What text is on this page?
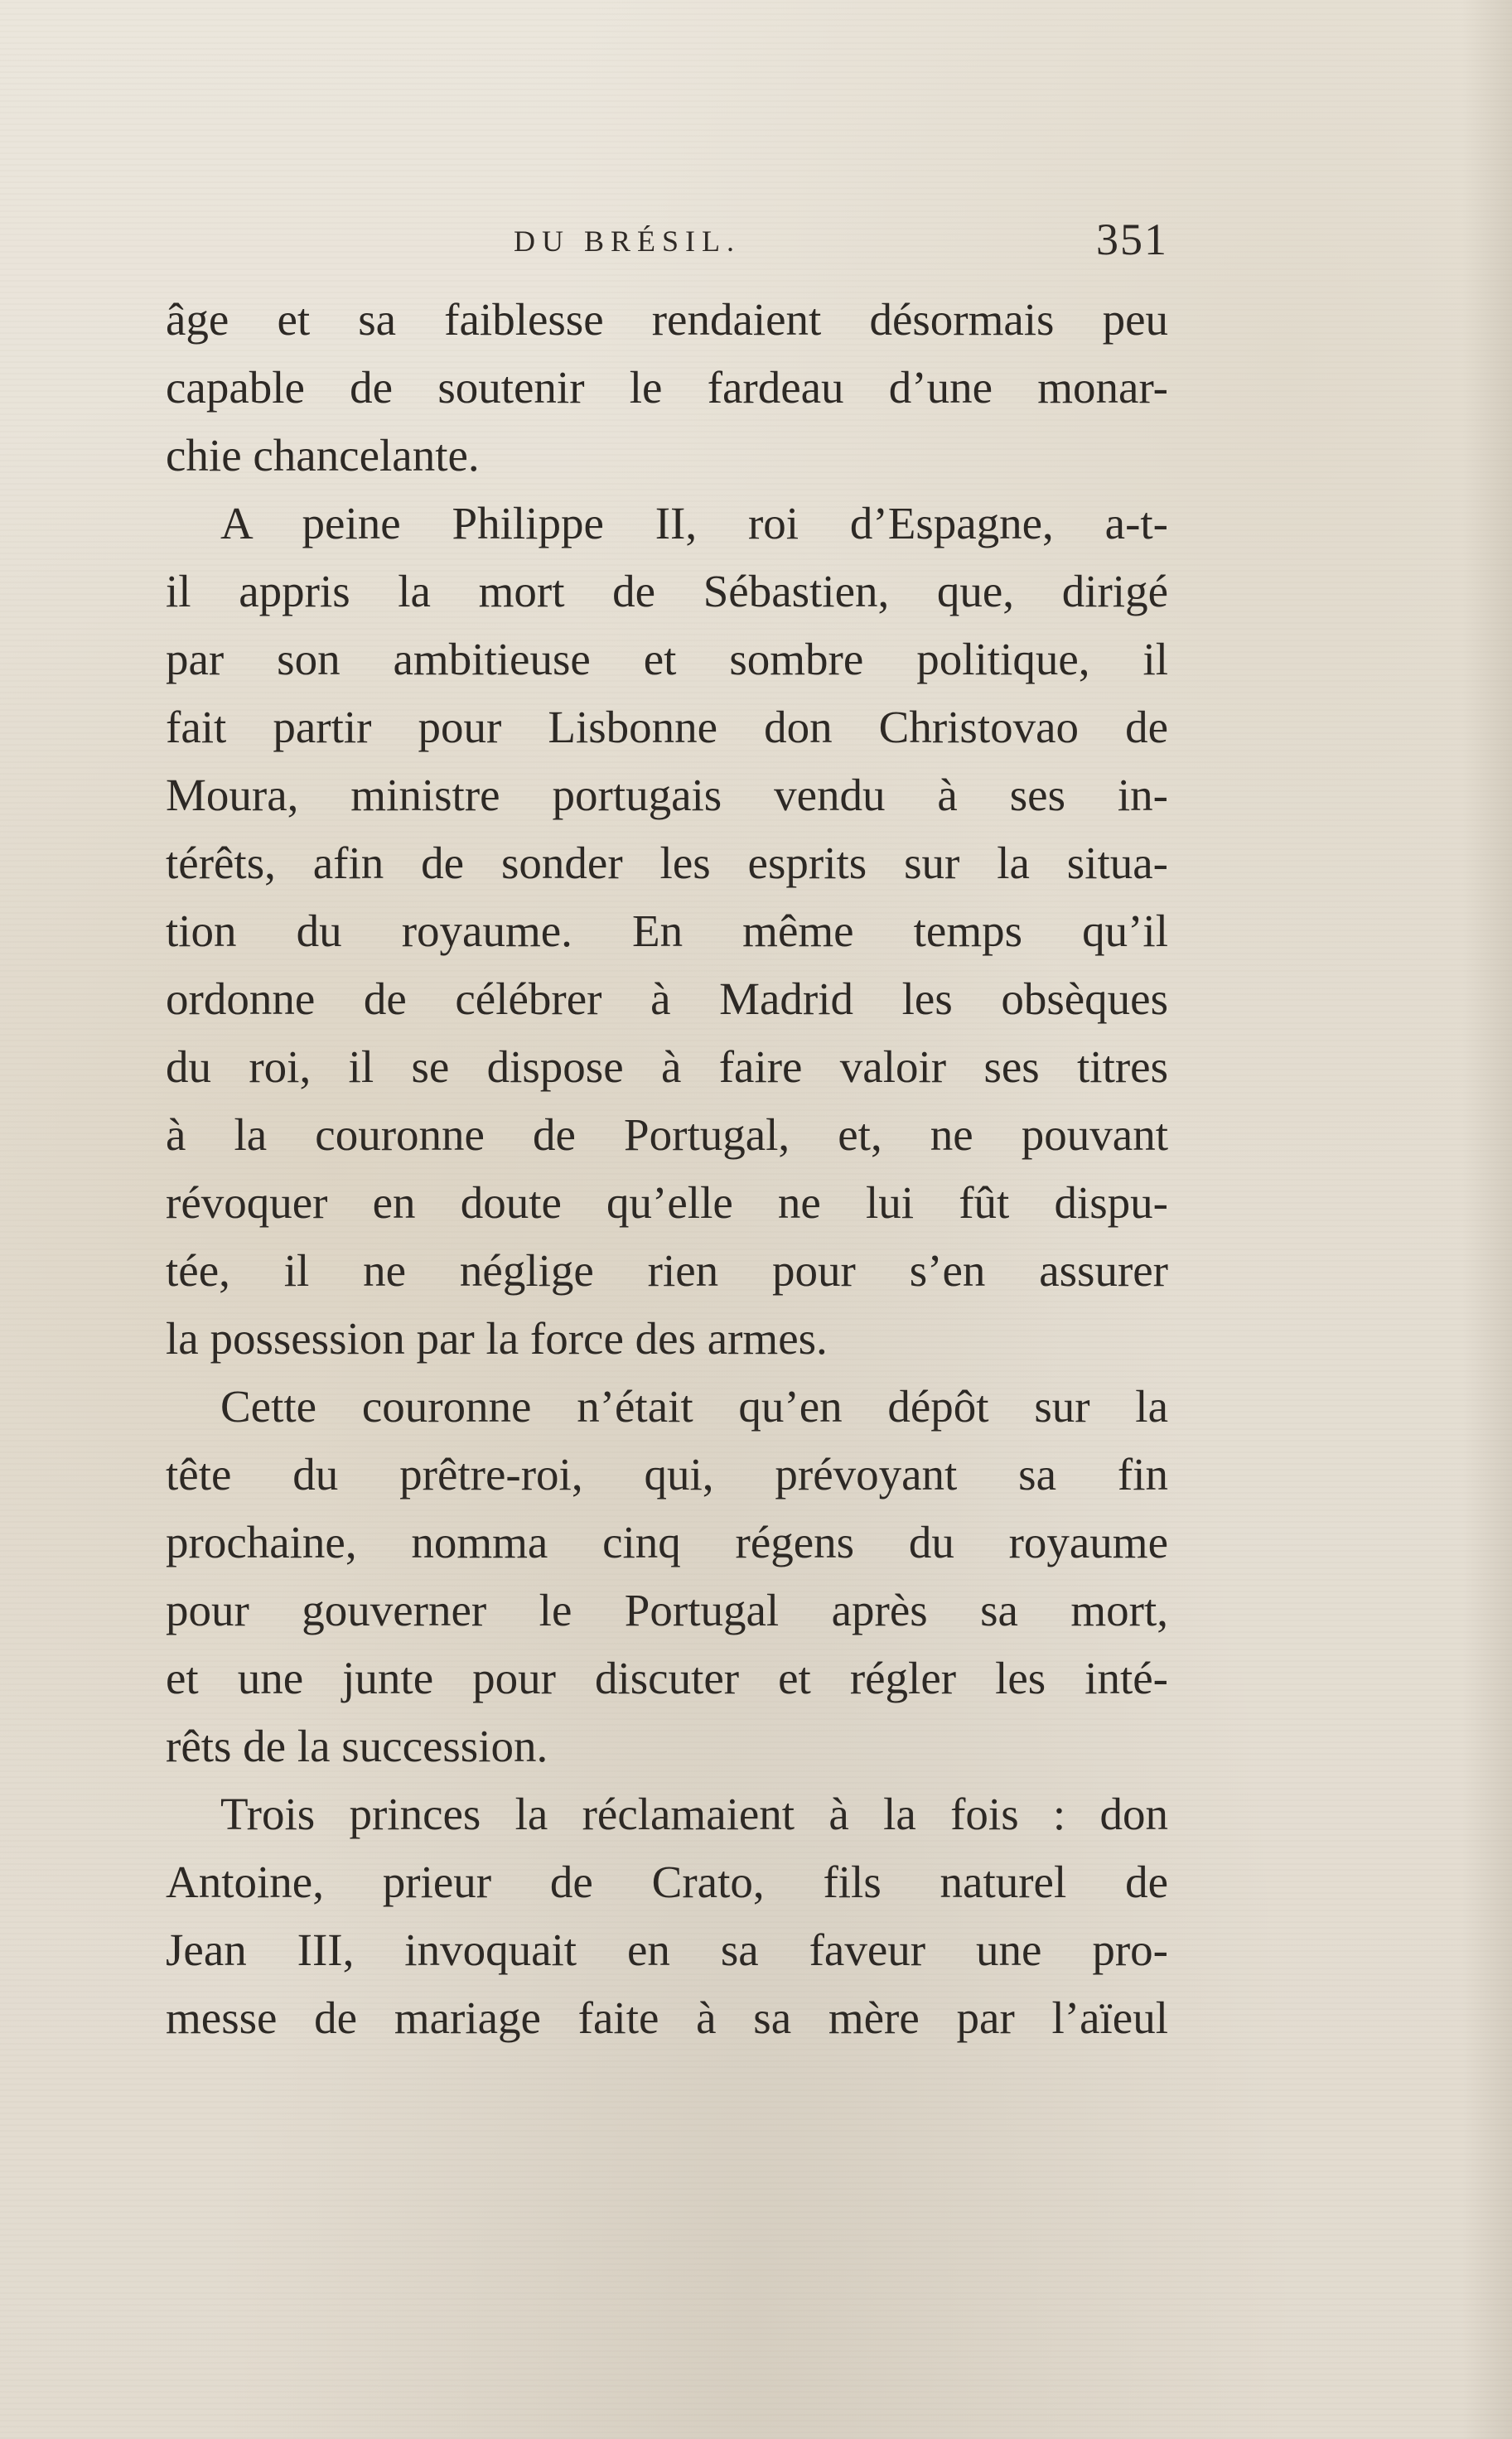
DU BRÉSIL.	351
âge et sa faiblesse rendaient désormais peu
capable de soutenir le fardeau d’une monar-
chie chancelante.
A peine Philippe II, roi d’Espagne, a-t-
il appris la mort de Sébastien, que, dirigé
par son ambitieuse et sombre politique, il
fait partir pour Lisbonne don Christovao de
Moura, ministre portugais vendu à ses in-
térêts, afin de sonder les esprits sur la situa-
tion du royaume. En même temps qu’il
ordonne de célébrer à Madrid les obsèques
du roi, il se dispose à faire valoir ses titres
à la couronne de Portugal, et, ne pouvant
révoquer en doute qu’elle ne lui fût dispu-
tée, il ne néglige rien pour s’en assurer
la possession par la force des armes.
Cette couronne n’était qu’en dépôt sur la
tête du prêtre-roi, qui, prévoyant sa fin
prochaine, nomma cinq régens du royaume
pour gouverner le Portugal après sa mort,
et une junte pour discuter et régler les inté-
rêts de la succession.
Trois princes la réclamaient à la fois : don
Antoine, prieur de Crato, fils naturel de
Jean III, invoquait en sa faveur une pro-
messe de mariage faite à sa mère par l’aïeul
